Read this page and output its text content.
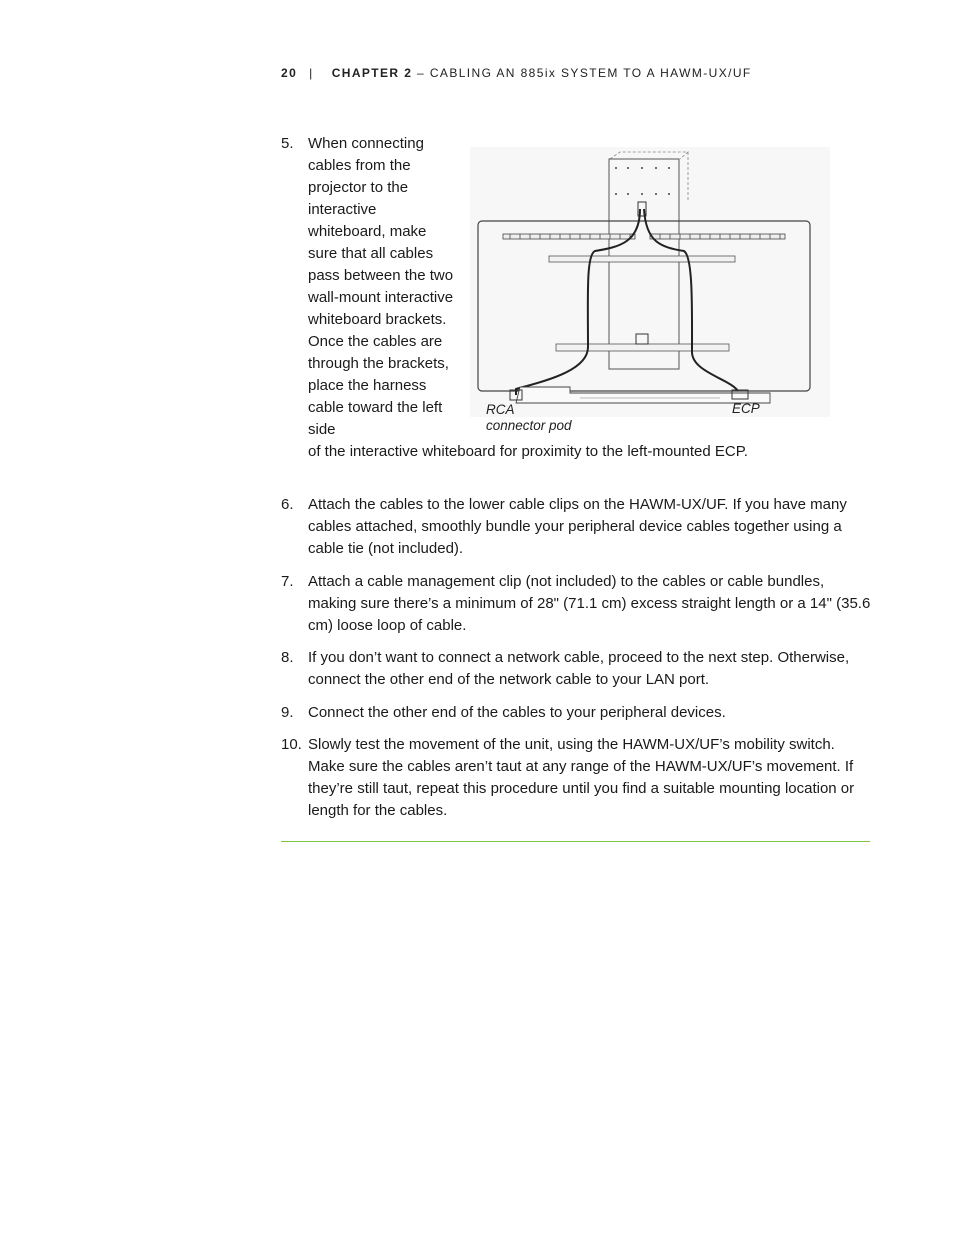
20 | CHAPTER 2 – CABLING AN 885ix SYSTEM TO A HAWM-UX/UF
5. When connecting cables from the projector to the interactive whiteboard, make sure that all cables pass between the two wall-mount interactive whiteboard brackets. Once the cables are through the brackets, place the harness cable toward the left side
of the interactive whiteboard for proximity to the left-mounted ECP.
RCA
connector pod
ECP
6. Attach the cables to the lower cable clips on the HAWM-UX/UF. If you have many cables attached, smoothly bundle your peripheral device cables together using a cable tie (not included).
7. Attach a cable management clip (not included) to the cables or cable bundles, making sure there’s a minimum of 28" (71.1 cm) excess straight length or a 14" (35.6 cm) loose loop of cable.
8. If you don’t want to connect a network cable, proceed to the next step. Otherwise, connect the other end of the network cable to your LAN port.
9. Connect the other end of the cables to your peripheral devices.
10. Slowly test the movement of the unit, using the HAWM-UX/UF’s mobility switch. Make sure the cables aren’t taut at any range of the HAWM-UX/UF’s movement. If they’re still taut, repeat this procedure until you find a suitable mounting location or length for the cables.
